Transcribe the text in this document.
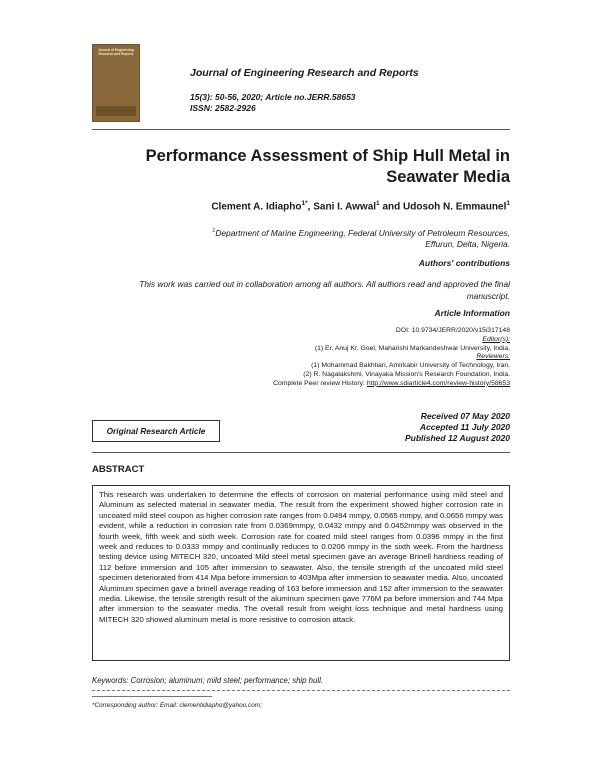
Journal of Engineering Research and Reports
Journal of Engineering Research and Reports
15(3): 50-56, 2020; Article no.JERR.58653
ISSN: 2582-2926
Performance Assessment of Ship Hull Metal in
Seawater Media
Clement A. Idiapho$^{1*}$, Sani I. Awwal$^1$ and Udosoh N. Emmaunel$^1$
$^1$Department of Marine Engineering, Federal University of Petroleum Resources,
Effurun, Delta, Nigeria.
Authors' contributions
This work was carried out in collaboration among all authors. All authors read and approved the final
manuscript.
Article Information
DOI: 10.9734/JERR/2020/v15i317148
Editor(s):
(1) Er. Anuj Kr. Goel, Maharishi Markandeshwar University, India.
Reviewers:
(1) Mohammad Bakhtiari, Amirkabir University of Technology, Iran.
(2) R. Nagalakshmi, Vinayaka Mission's Research Foundation, India.
Complete Peer review History: http://www.sdiarticle4.com/review-history/58653
Received 07 May 2020
Accepted 11 July 2020
Published 12 August 2020
Original Research Article
ABSTRACT
This research was undertaken to determine the effects of corrosion on material performance using mild steel and Aluminum as selected material in seawater media. The result from the experiment showed higher corrosion rate in uncoated mild steel coupon as higher corrosion rate ranges from 0.0494 mmpy, 0.0565 mmpy, and 0.0656 mmpy was evident, while a reduction in corrosion rate from 0.0369mmpy, 0.0432 mmpy and 0.0452mmpy was observed in the fourth week, fifth week and sixth week. Corrosion rate for coated mild steel ranges from 0.0396 mmpy in the first week and reduces to 0.0333 mmpy and continually reduces to 0.0206 mmpy in the sixth week. From the hardness testing device using MITECH 320, uncoated Mild steel metal specimen gave an average Brinell hardness reading of 112 before immersion and 105 after immersion to seawater. Also, the tensile strength of the uncoated mild steel specimen deteriorated from 414 Mpa before immersion to 403Mpa after immersion to seawater media. Also, uncoated Aluminum specimen gave a brinell average reading of 163 before immersion and 152 after immersion to the seawater media. Likewise, the tensile strength result of the aluminum specimen gave 776M pa before immersion and 744 Mpa after immersion to the seawater media. The overall result from weight loss technique and metal hardness using MITECH 320 showed aluminum metal is more resistive to corrosion attack.
Keywords: Corrosion; aluminum; mild steel; performance; ship hull.
*Corresponding author: Email: clementidiapho@yahoo.com;
